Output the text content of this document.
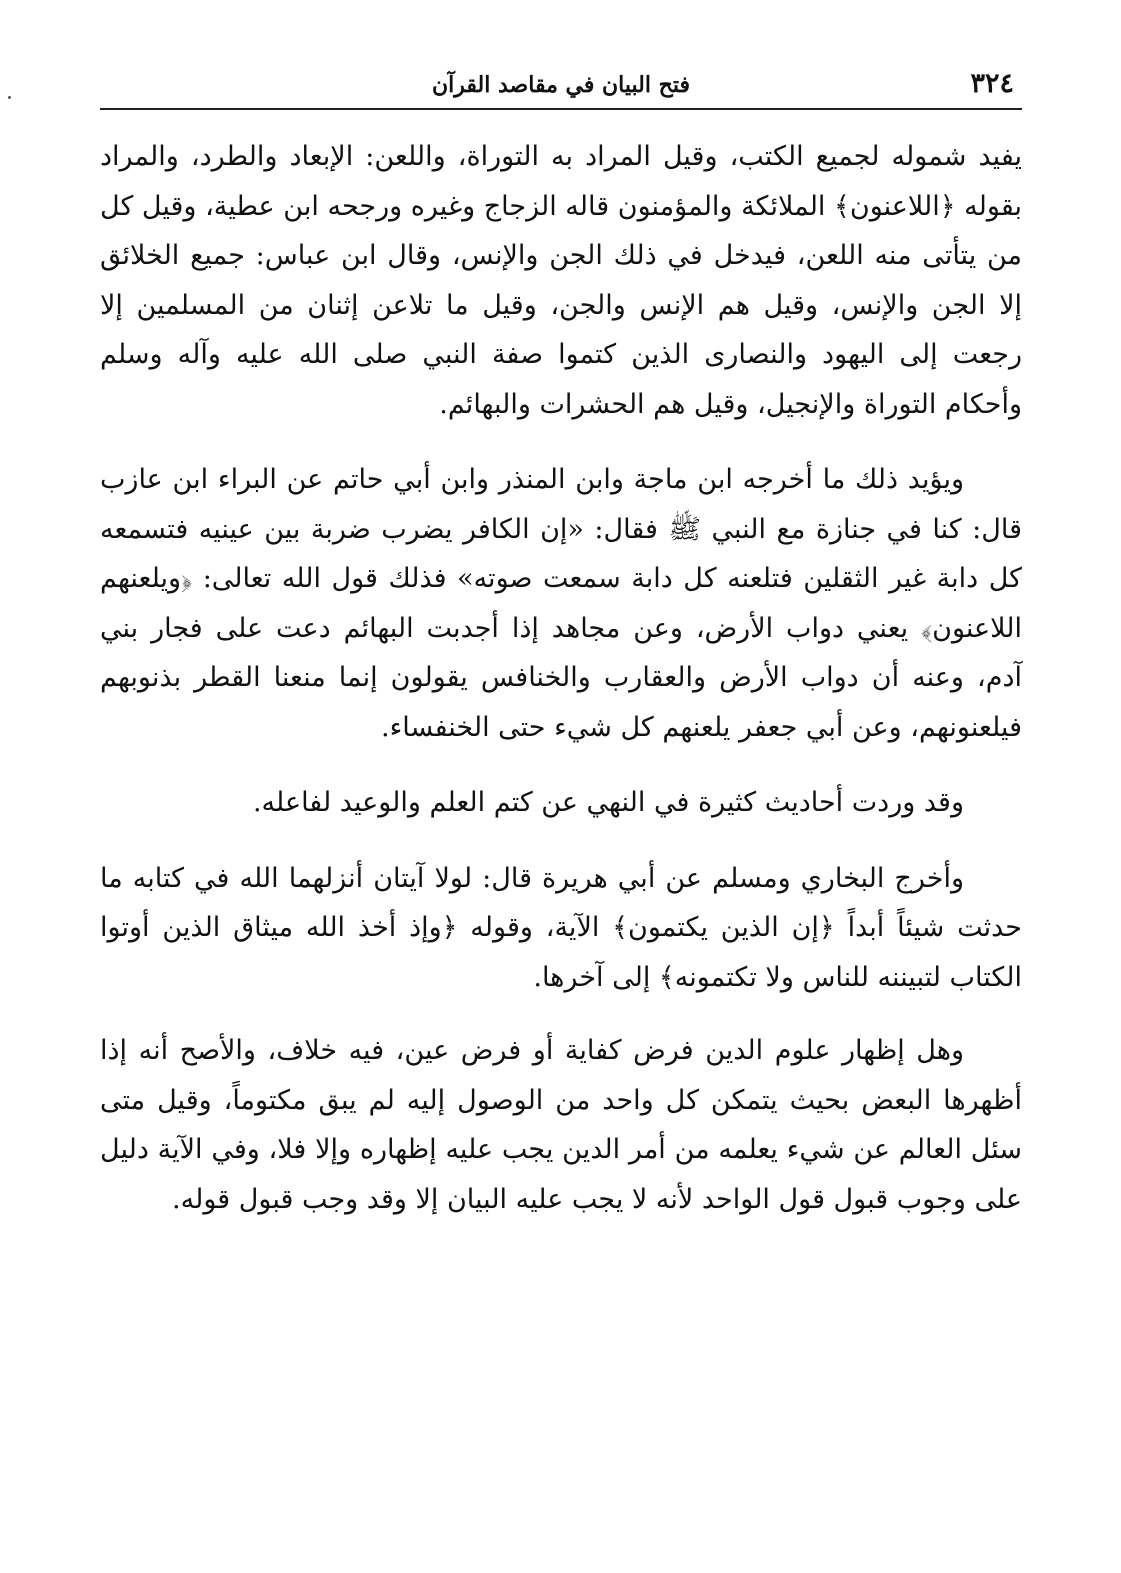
٣٢٤
فتح البيان في مقاصد القرآن

يفيد شموله لجميع الكتب، وقيل المراد به التوراة، واللعن: الإبعاد والطرد، والمراد بقوله ﴿اللاعنون﴾ الملائكة والمؤمنون قاله الزجاج وغيره ورجحه ابن عطية، وقيل كل من يتأتى منه اللعن، فيدخل في ذلك الجن والإنس، وقال ابن عباس: جميع الخلائق إلا الجن والإنس، وقيل هم الإنس والجن، وقيل ما تلاعن إثنان من المسلمين إلا رجعت إلى اليهود والنصارى الذين كتموا صفة النبي صلى الله عليه وآله وسلم وأحكام التوراة والإنجيل، وقيل هم الحشرات والبهائم.

ويؤيد ذلك ما أخرجه ابن ماجة وابن المنذر وابن أبي حاتم عن البراء ابن عازب قال: كنا في جنازة مع النبي ﷺ فقال: «إن الكافر يضرب ضربة بين عينيه فتسمعه كل دابة غير الثقلين فتلعنه كل دابة سمعت صوته» فذلك قول الله تعالى: ﴿ويلعنهم اللاعنون﴾ يعني دواب الأرض، وعن مجاهد إذا أجدبت البهائم دعت على فجار بني آدم، وعنه أن دواب الأرض والعقارب والخنافس يقولون إنما منعنا القطر بذنوبهم فيلعنونهم، وعن أبي جعفر يلعنهم كل شيء حتى الخنفساء.

وقد وردت أحاديث كثيرة في النهي عن كتم العلم والوعيد لفاعله.

وأخرج البخاري ومسلم عن أبي هريرة قال: لولا آيتان أنزلهما الله في كتابه ما حدثت شيئاً أبداً ﴿إن الذين يكتمون﴾ الآية، وقوله ﴿وإذ أخذ الله ميثاق الذين أوتوا الكتاب لتبيننه للناس ولا تكتمونه﴾ إلى آخرها.

وهل إظهار علوم الدين فرض كفاية أو فرض عين، فيه خلاف، والأصح أنه إذا أظهرها البعض بحيث يتمكن كل واحد من الوصول إليه لم يبق مكتوماً، وقيل متى سئل العالم عن شيء يعلمه من أمر الدين يجب عليه إظهاره وإلا فلا، وفي الآية دليل على وجوب قبول قول الواحد لأنه لا يجب عليه البيان إلا وقد وجب قبول قوله.
